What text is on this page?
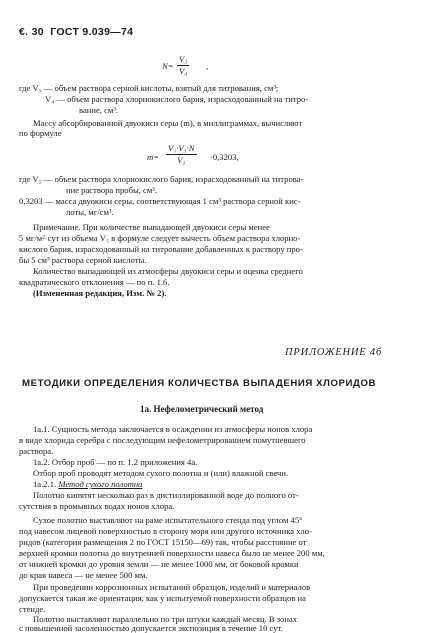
€. 30 ГОСТ 9.039—74
$N= \frac{\text{V₃}}{\text{V₄}}$ ,
где V₃ — объем раствора серной кислоты, взятый для титрования, см³;
V₄ — объем раствора хлорнокислого бария, израсходованный на титро-
вание, см³.
Массу абсорбированной двуокиси серы (m), в миллиграммах, вычисляют
по формуле
$m= \frac{\text{V₁·V₅·N}}{\text{V₂}} \cdot 0,3203$,
где V₅ — объем раствора хлорнокислого бария, израсходованный на титрова-
ние раствора пробы, см³.
0,3203 — масса двуокиси серы, соответствующая 1 см³ раствора серной кис-
лоты, мг/см³.
Примечание. При количестве выпадающей двуокиси серы менее
5 мг/м²·сут из объема V₅ в формуле следует вычесть объем раствора хлорно-
кислого бария, израсходованный на титрование добавленных к раствору про-
бы 5 см³ раствора серной кислоты.
Количество выпадающей из атмосферы двуокиси серы и оценка среднего
квадратического отклонения — по п. 1.6.
(Измененная редакция, Изм. № 2).
ПРИЛОЖЕНИЕ 4б
МЕТОДИКИ ОПРЕДЕЛЕНИЯ КОЛИЧЕСТВА ВЫПАДЕНИЯ ХЛОРИДОВ
1а. Нефелометрический метод
1а.1. Сущность метода заключается в осаждении из атмосферы ионов хлора
в виде хлорида серебра с последующим нефелометрированием помутневшего
раствора.
1а.2. Отбор проб — по п. 1.2 приложения 4а.
Отбор проб проводят методом сухого полотна и (или) влажной свечи.
1а.2.1. Метод сухого полотна
Полотно кипятят несколько раз в дистиллированной воде до полного от-
сутствия в промывных водах ионов хлора.
Сухое полотно выставляют на раме испытательного стенда под углом 45°
под навесом лицевой поверхностью в сторону моря или другого источника хло-
ридов (категория размещения 2 по ГОСТ 15150—69) так, чтобы расстояние от
верхней кромки полотна до внутренней поверхности навеса было не менее 200 мм,
от нижней кромки до уровня земли — не менее 1000 мм, от боковой кромки
до края навеса — не менее 500 мм.
При проведении коррозионных испытаний образцов, изделий и материалов
допускается такая же ориентация, как у испытуемой поверхности образцов на
стенде.
Полотно выставляют параллельно по три штуки каждый месяц. В зонах
с повышенной засоленностью допускается экспозиция в течение 10 сут.
